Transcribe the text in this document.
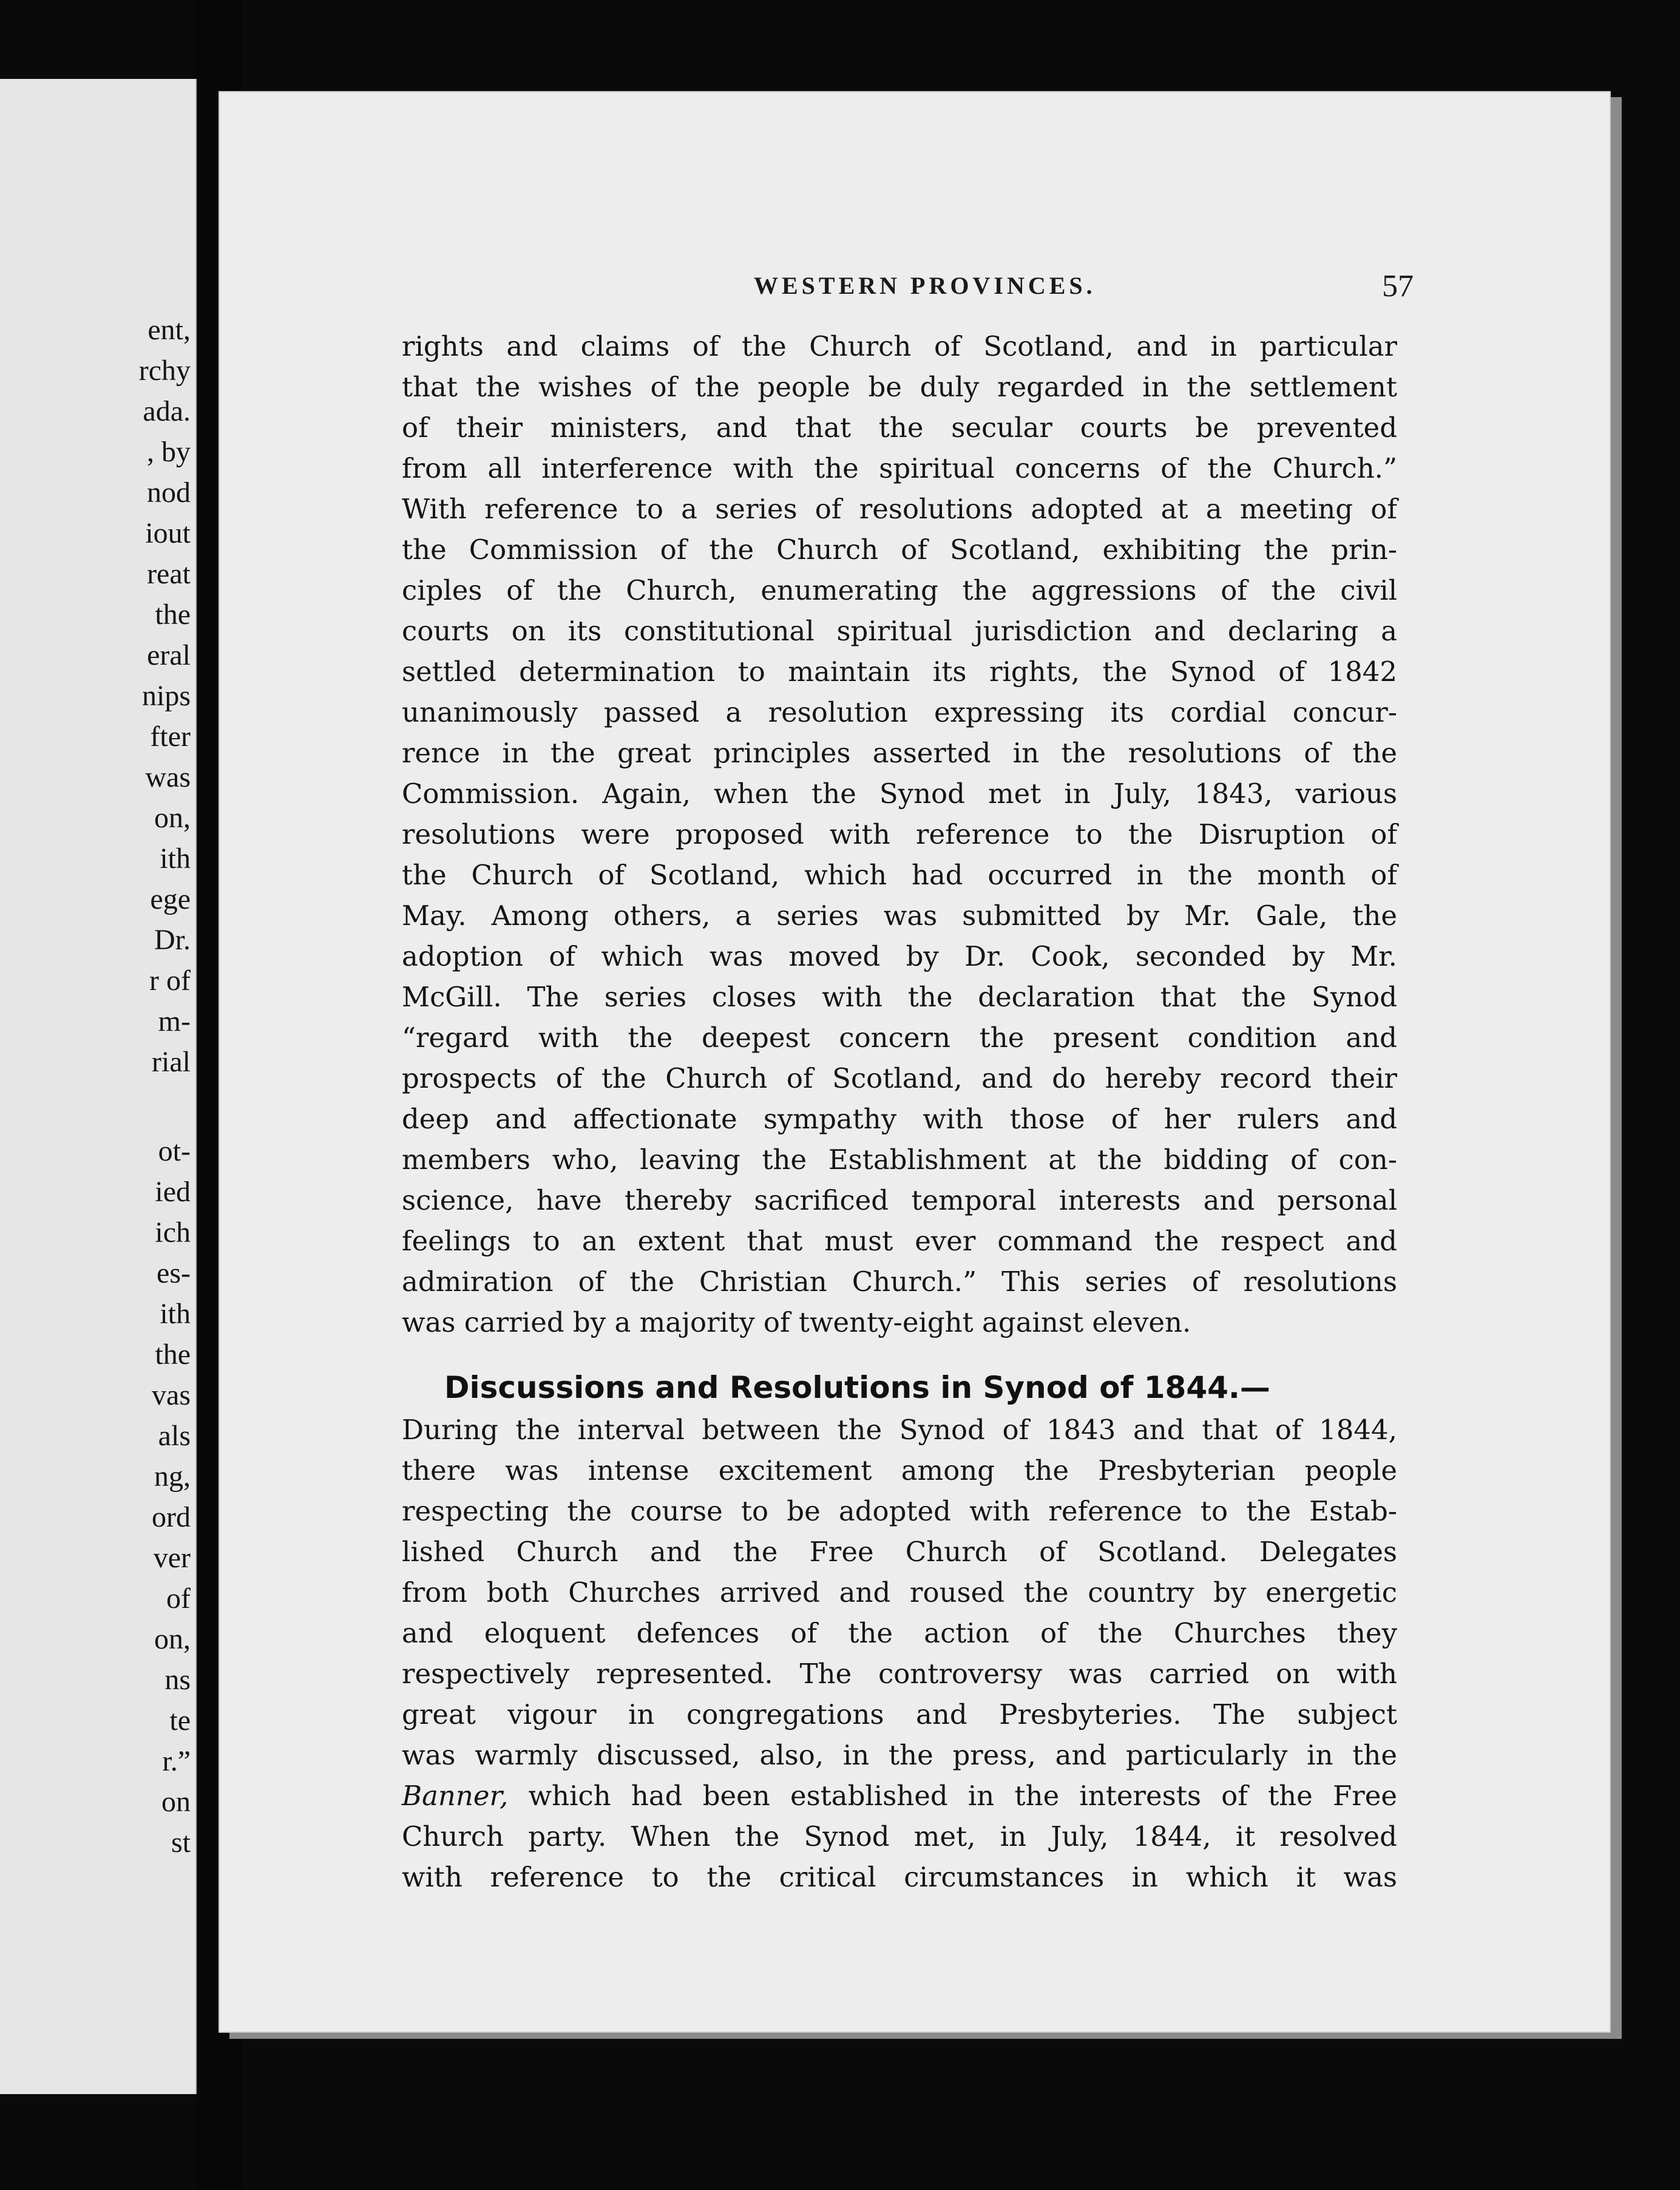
ent,
rchy
ada.
, by
nod
iout
reat
the
eral
nips
fter
was
on,
ith
ege
Dr.
r of
m-
rial
ot-
ied
ich
es-
ith
the
vas
als
ng,
ord
ver
of
on,
ns
te
r.”
on
st
WESTERN PROVINCES.	57
rights and claims of the Church of Scotland, and in particular
that the wishes of the people be duly regarded in the settlement
of their ministers, and that the secular courts be prevented
from all interference with the spiritual concerns of the Church.”
With reference to a series of resolutions adopted at a meeting of
the Commission of the Church of Scotland, exhibiting the prin-
ciples of the Church, enumerating the aggressions of the civil
courts on its constitutional spiritual jurisdiction and declaring a
settled determination to maintain its rights, the Synod of 1842
unanimously passed a resolution expressing its cordial concur-
rence in the great principles asserted in the resolutions of the
Commission. Again, when the Synod met in July, 1843, various
resolutions were proposed with reference to the Disruption of
the Church of Scotland, which had occurred in the month of
May. Among others, a series was submitted by Mr. Gale, the
adoption of which was moved by Dr. Cook, seconded by Mr.
McGill. The series closes with the declaration that the Synod
“regard with the deepest concern the present condition and
prospects of the Church of Scotland, and do hereby record their
deep and affectionate sympathy with those of her rulers and
members who, leaving the Establishment at the bidding of con-
science, have thereby sacrificed temporal interests and personal
feelings to an extent that must ever command the respect and
admiration of the Christian Church.” This series of resolutions
was carried by a majority of twenty-eight against eleven.
Discussions and Resolutions in Synod of 1844.—
During the interval between the Synod of 1843 and that of 1844,
there was intense excitement among the Presbyterian people
respecting the course to be adopted with reference to the Estab-
lished Church and the Free Church of Scotland. Delegates
from both Churches arrived and roused the country by energetic
and eloquent defences of the action of the Churches they
respectively represented. The controversy was carried on with
great vigour in congregations and Presbyteries. The subject
was warmly discussed, also, in the press, and particularly in the
Banner, which had been established in the interests of the Free
Church party. When the Synod met, in July, 1844, it resolved
with reference to the critical circumstances in which it was
